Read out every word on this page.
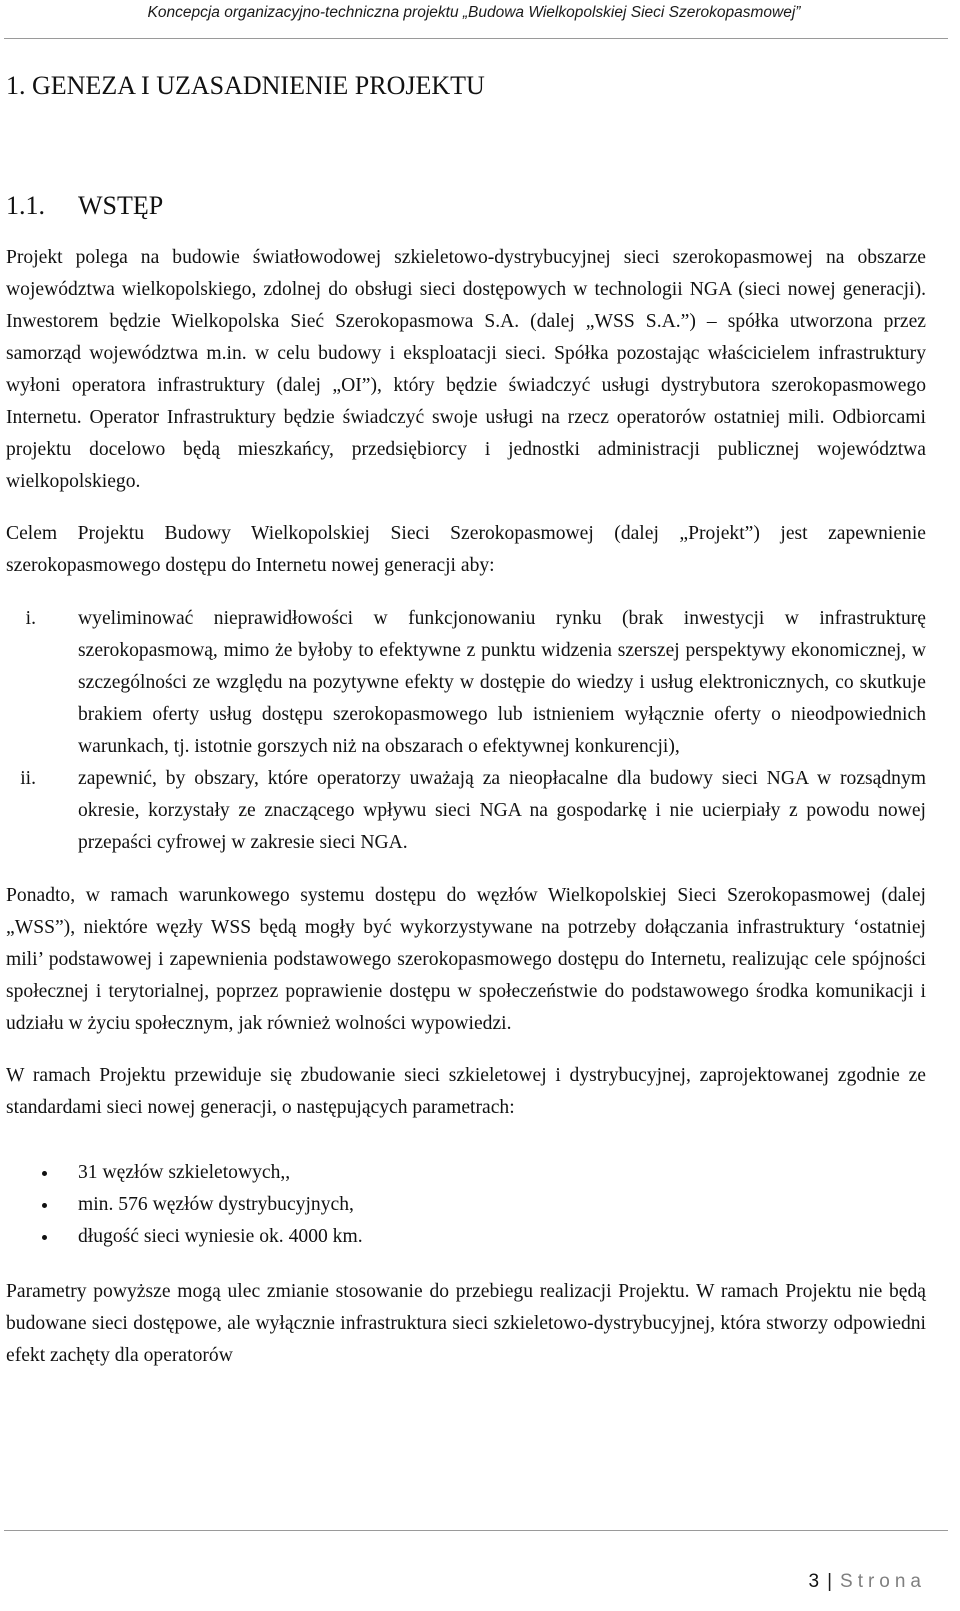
Koncepcja organizacyjno-techniczna projektu „Budowa Wielkopolskiej Sieci Szerokopasmowej”
1. GENEZA I UZASADNIENIE PROJEKTU
1.1. WSTĘP

Projekt polega na budowie światłowodowej szkieletowo-dystrybucyjnej sieci szerokopasmowej na obszarze województwa wielkopolskiego, zdolnej do obsługi sieci dostępowych w technologii NGA (sieci nowej generacji). Inwestorem będzie Wielkopolska Sieć Szerokopasmowa S.A. (dalej „WSS S.A.”) – spółka utworzona przez samorząd województwa m.in. w celu budowy i eksploatacji sieci. Spółka pozostając właścicielem infrastruktury wyłoni operatora infrastruktury (dalej „OI”), który będzie świadczyć usługi dystrybutora szerokopasmowego Internetu. Operator Infrastruktury będzie świadczyć swoje usługi na rzecz operatorów ostatniej mili. Odbiorcami projektu docelowo będą mieszkańcy, przedsiębiorcy i jednostki administracji publicznej województwa wielkopolskiego.

Celem Projektu Budowy Wielkopolskiej Sieci Szerokopasmowej (dalej „Projekt”) jest zapewnienie szerokopasmowego dostępu do Internetu nowej generacji aby:

i. wyeliminować nieprawidłowości w funkcjonowaniu rynku (brak inwestycji w infrastrukturę szerokopasmową, mimo że byłoby to efektywne z punktu widzenia szerszej perspektywy ekonomicznej, w szczególności ze względu na pozytywne efekty w dostępie do wiedzy i usług elektronicznych, co skutkuje brakiem oferty usług dostępu szerokopasmowego lub istnieniem wyłącznie oferty o nieodpowiednich warunkach, tj. istotnie gorszych niż na obszarach o efektywnej konkurencji),
ii. zapewnić, by obszary, które operatorzy uważają za nieopłacalne dla budowy sieci NGA w rozsądnym okresie, korzystały ze znaczącego wpływu sieci NGA na gospodarkę i nie ucierpiały z powodu nowej przepaści cyfrowej w zakresie sieci NGA.

Ponadto, w ramach warunkowego systemu dostępu do węzłów Wielkopolskiej Sieci Szerokopasmowej (dalej „WSS”), niektóre węzły WSS będą mogły być wykorzystywane na potrzeby dołączania infrastruktury ‘ostatniej mili’ podstawowej i zapewnienia podstawowego szerokopasmowego dostępu do Internetu, realizując cele spójności społecznej i terytorialnej, poprzez poprawienie dostępu w społeczeństwie do podstawowego środka komunikacji i udziału w życiu społecznym, jak również wolności wypowiedzi.

W ramach Projektu przewiduje się zbudowanie sieci szkieletowej i dystrybucyjnej, zaprojektowanej zgodnie ze standardami sieci nowej generacji, o następujących parametrach:

31 węzłów szkieletowych,,
min. 576 węzłów dystrybucyjnych,
długość sieci wyniesie ok. 4000 km.

Parametry powyższe mogą ulec zmianie stosowanie do przebiegu realizacji Projektu. W ramach Projektu nie będą budowane sieci dostępowe, ale wyłącznie infrastruktura sieci szkieletowo-dystrybucyjnej, która stworzy odpowiedni efekt zachęty dla operatorów

3 | Strona
